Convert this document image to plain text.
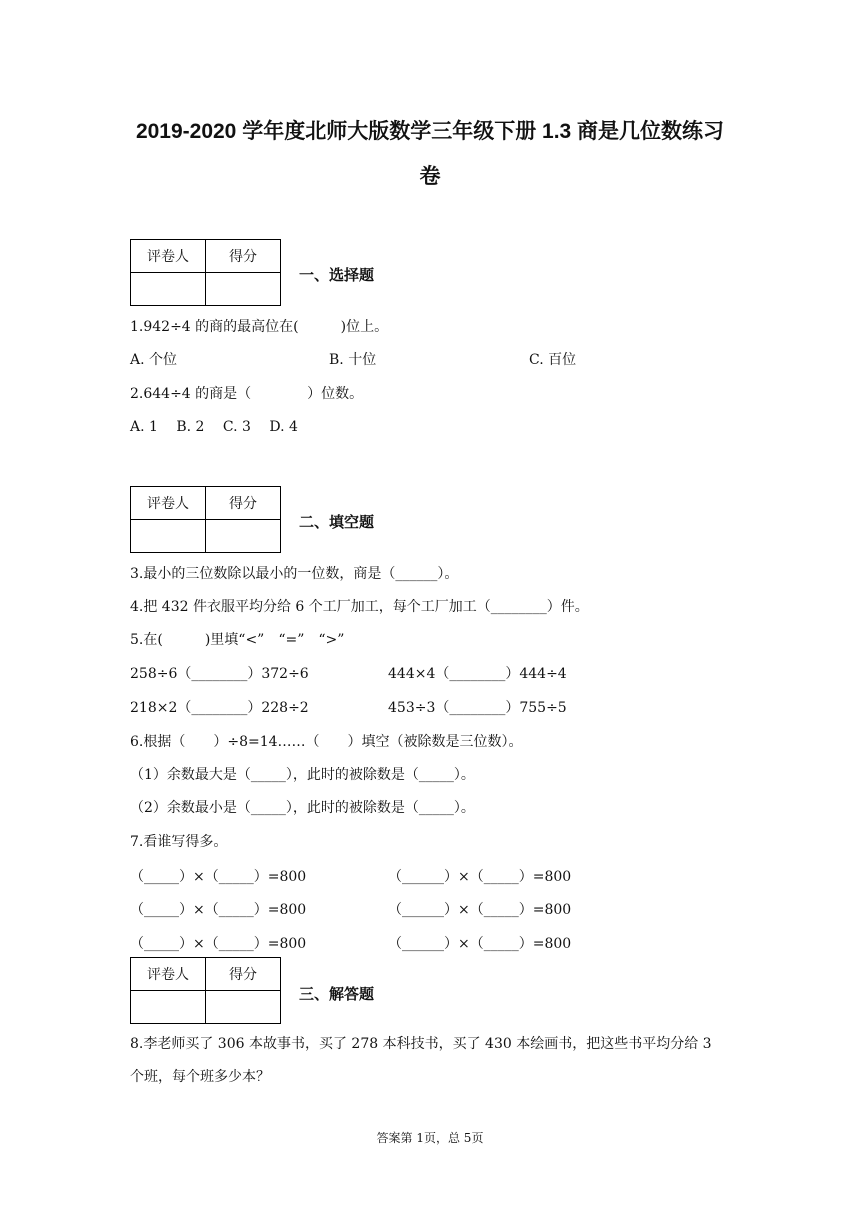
2019-2020 学年度北师大版数学三年级下册 1.3 商是几位数练习
卷
评卷人	得分

一、选择题
1.942÷4 的商的最高位在(　　　)位上。
A. 个位	B. 十位	C. 百位
2.644÷4 的商是（　　　　）位数。
A. 1　 B. 2　 C. 3　 D. 4
评卷人	得分

二、填空题
3.最小的三位数除以最小的一位数，商是（______）。
4.把 432 件衣服平均分给 6 个工厂加工，每个工厂加工（________）件。
5.在(　　　)里填“<”　“=”　“>”
258÷6（________）372÷6	444×4（________）444÷4
218×2（________）228÷2	453÷3（________）755÷5
6.根据（　　）÷8=14……（　　）填空（被除数是三位数）。
（1）余数最大是（_____），此时的被除数是（_____）。
（2）余数最小是（_____），此时的被除数是（_____）。
7.看谁写得多。
（_____）×（_____）=800	（______）×（_____）=800
（_____）×（_____）=800	（______）×（_____）=800
（_____）×（_____）=800	（______）×（_____）=800
评卷人	得分

三、解答题
8.李老师买了 306 本故事书，买了 278 本科技书，买了 430 本绘画书，把这些书平均分给 3
个班，每个班多少本？
答案第 1页，总 5页
